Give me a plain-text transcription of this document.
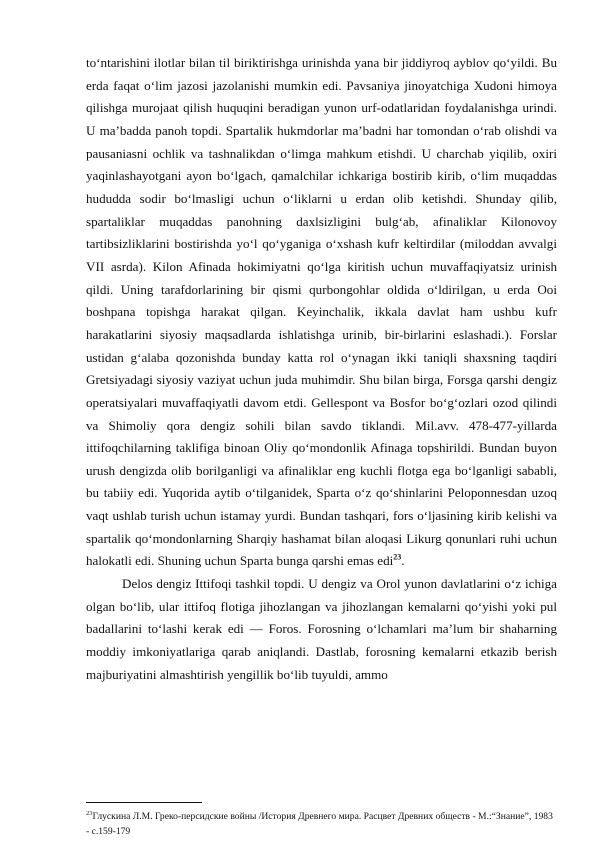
to‘ntarishini ilotlar bilan til biriktirishga urinishda yana bir jiddiyroq ayblov qo‘yildi. Bu erda faqat o‘lim jazosi jazolanishi mumkin edi. Pavsaniya jinoyatchiga Xudoni himoya qilishga murojaat qilish huquqini beradigan yunon urf-odatlaridan foydalanishga urindi. U ma’badda panoh topdi. Spartalik hukmdorlar ma’badni har tomondan o‘rab olishdi va pausaniasni ochlik va tashnalikdan o‘limga mahkum etishdi. U charchab yiqilib, oxiri yaqinlashayotgani ayon bo‘lgach, qamalchilar ichkariga bostirib kirib, o‘lim muqaddas hududda sodir bo‘lmasligi uchun o‘liklarni u erdan olib ketishdi. Shunday qilib, spartaliklar muqaddas panohning daxlsizligini bulg‘ab, afinaliklar Kilonovoy tartibsizliklarini bostirishda yo‘l qo‘yganiga o‘xshash kufr keltirdilar (miloddan avvalgi VII asrda). Kilon Afinada hokimiyatni qo‘lga kiritish uchun muvaffaqiyatsiz urinish qildi. Uning tarafdorlarining bir qismi qurbongohlar oldida o‘ldirilgan, u erda Ooi boshpana topishga harakat qilgan. Keyinchalik, ikkala davlat ham ushbu kufr harakatlarini siyosiy maqsadlarda ishlatishga urinib, bir-birlarini eslashadi.). Forslar ustidan g‘alaba qozonishda bunday katta rol o‘ynagan ikki taniqli shaxsning taqdiri Gretsiyadagi siyosiy vaziyat uchun juda muhimdir. Shu bilan birga, Forsga qarshi dengiz operatsiyalari muvaffaqiyatli davom etdi. Gellespont va Bosfor bo‘g‘ozlari ozod qilindi va Shimoliy qora dengiz sohili bilan savdo tiklandi. Mil.avv. 478-477-yillarda ittifoqchilarning taklifiga binoan Oliy qo‘mondonlik Afinaga topshirildi. Bundan buyon urush dengizda olib borilganligi va afinaliklar eng kuchli flotga ega bo‘lganligi sababli, bu tabiiy edi. Yuqorida aytib o‘tilganidek, Sparta o‘z qo‘shinlarini Peloponnesdan uzoq vaqt ushlab turish uchun istamay yurdi. Bundan tashqari, fors o‘ljasining kirib kelishi va spartalik qo‘mondonlarning Sharqiy hashamat bilan aloqasi Likurg qonunlari ruhi uchun halokatli edi. Shuning uchun Sparta bunga qarshi emas edi$^{23}$.

Delos dengiz Ittifoqi tashkil topdi. U dengiz va Orol yunon davlatlarini o‘z ichiga olgan bo‘lib, ular ittifoq flotiga jihozlangan va jihozlangan kemalarni qo‘yishi yoki pul badallarini to‘lashi kerak edi — Foros. Forosning o‘lchamlari ma’lum bir shaharning moddiy imkoniyatlariga qarab aniqlandi. Dastlab, forosning kemalarni etkazib berish majburiyatini almashtirish yengillik bo‘lib tuyuldi, ammo

$^{23}$Глускина Л.М. Греко-персидские войны /История Древнего мира. Расцвет Древних обществ - М.:“Знание”, 1983 - с.159-179
